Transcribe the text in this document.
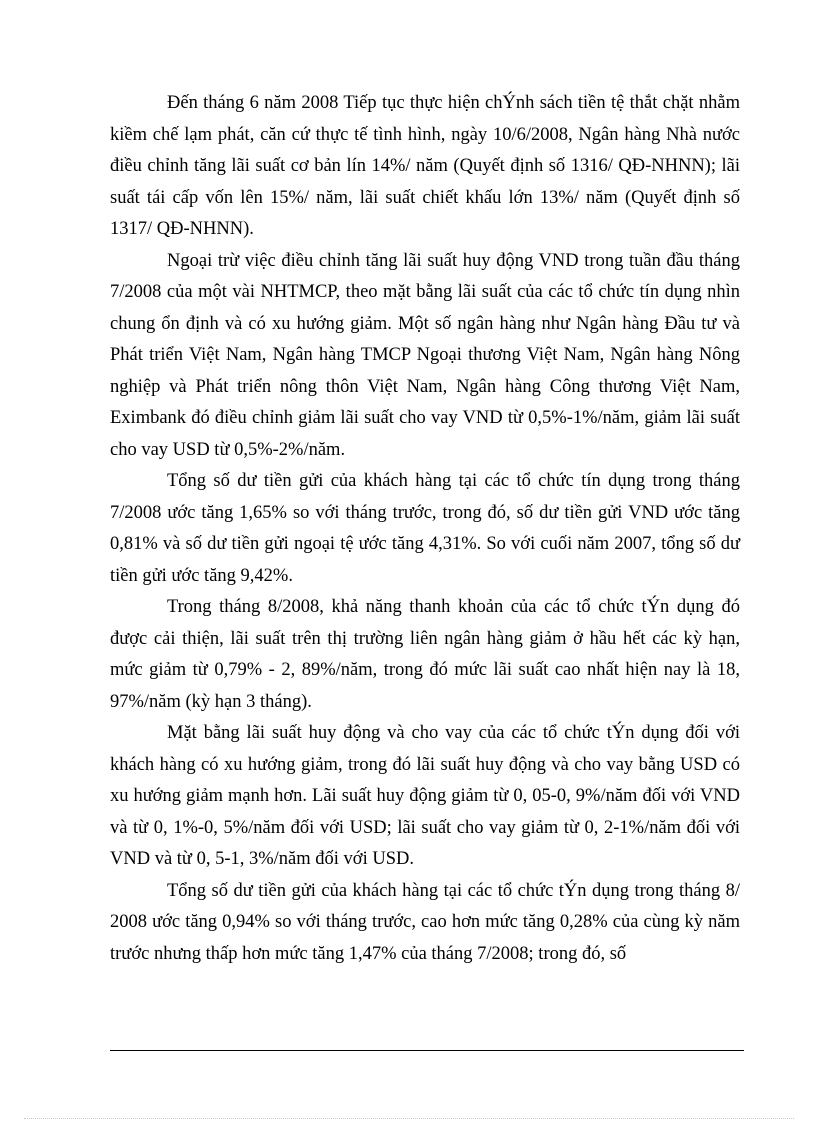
Đến tháng 6 năm 2008 Tiếp tục thực hiện chÝnh sách tiền tệ thắt chặt nhằm kiềm chế lạm phát, căn cứ thực tế tình hình, ngày 10/6/2008, Ngân hàng Nhà nước điều chỉnh tăng lãi suất cơ bản lín 14%/ năm (Quyết định số 1316/ QĐ-NHNN); lãi suất tái cấp vốn lên 15%/ năm, lãi suất chiết khấu lớn 13%/ năm (Quyết định số 1317/ QĐ-NHNN).

Ngoại trừ việc điều chỉnh tăng lãi suất huy động VND trong tuần đầu tháng 7/2008 của một vài NHTMCP, theo mặt bằng lãi suất của các tổ chức tín dụng nhìn chung ổn định và có xu hướng giảm. Một số ngân hàng như Ngân hàng Đầu tư và Phát triển Việt Nam, Ngân hàng TMCP Ngoại thương Việt Nam, Ngân hàng Nông nghiệp và Phát triển nông thôn Việt Nam, Ngân hàng Công thương Việt Nam, Eximbank đó điều chỉnh giảm lãi suất cho vay VND từ 0,5%-1%/năm, giảm lãi suất cho vay USD từ 0,5%-2%/năm.

Tổng số dư tiền gửi của khách hàng tại các tổ chức tín dụng trong tháng 7/2008 ước tăng 1,65% so với tháng trước, trong đó, số dư tiền gửi VND ước tăng 0,81% và số dư tiền gửi ngoại tệ ước tăng 4,31%. So với cuối năm 2007, tổng số dư tiền gửi ước tăng 9,42%.

Trong tháng 8/2008, khả năng thanh khoản của các tổ chức tÝn dụng đó được cải thiện, lãi suất trên thị trường liên ngân hàng giảm ở hầu hết các kỳ hạn, mức giảm từ 0,79% - 2, 89%/năm, trong đó mức lãi suất cao nhất hiện nay là 18, 97%/năm (kỳ hạn 3 tháng).

Mặt bằng lãi suất huy động và cho vay của các tổ chức tÝn dụng đối với khách hàng có xu hướng giảm, trong đó lãi suất huy động và cho vay bằng USD có xu hướng giảm mạnh hơn. Lãi suất huy động giảm từ 0, 05-0, 9%/năm đối với VND và từ 0, 1%-0, 5%/năm đối với USD; lãi suất cho vay giảm từ 0, 2-1%/năm đối với VND và từ 0, 5-1, 3%/năm đối với USD.

Tổng số dư tiền gửi của khách hàng tại các tổ chức tÝn dụng trong tháng 8/ 2008 ước tăng 0,94% so với tháng trước, cao hơn mức tăng 0,28% của cùng kỳ năm trước nhưng thấp hơn mức tăng 1,47% của tháng 7/2008; trong đó, số
